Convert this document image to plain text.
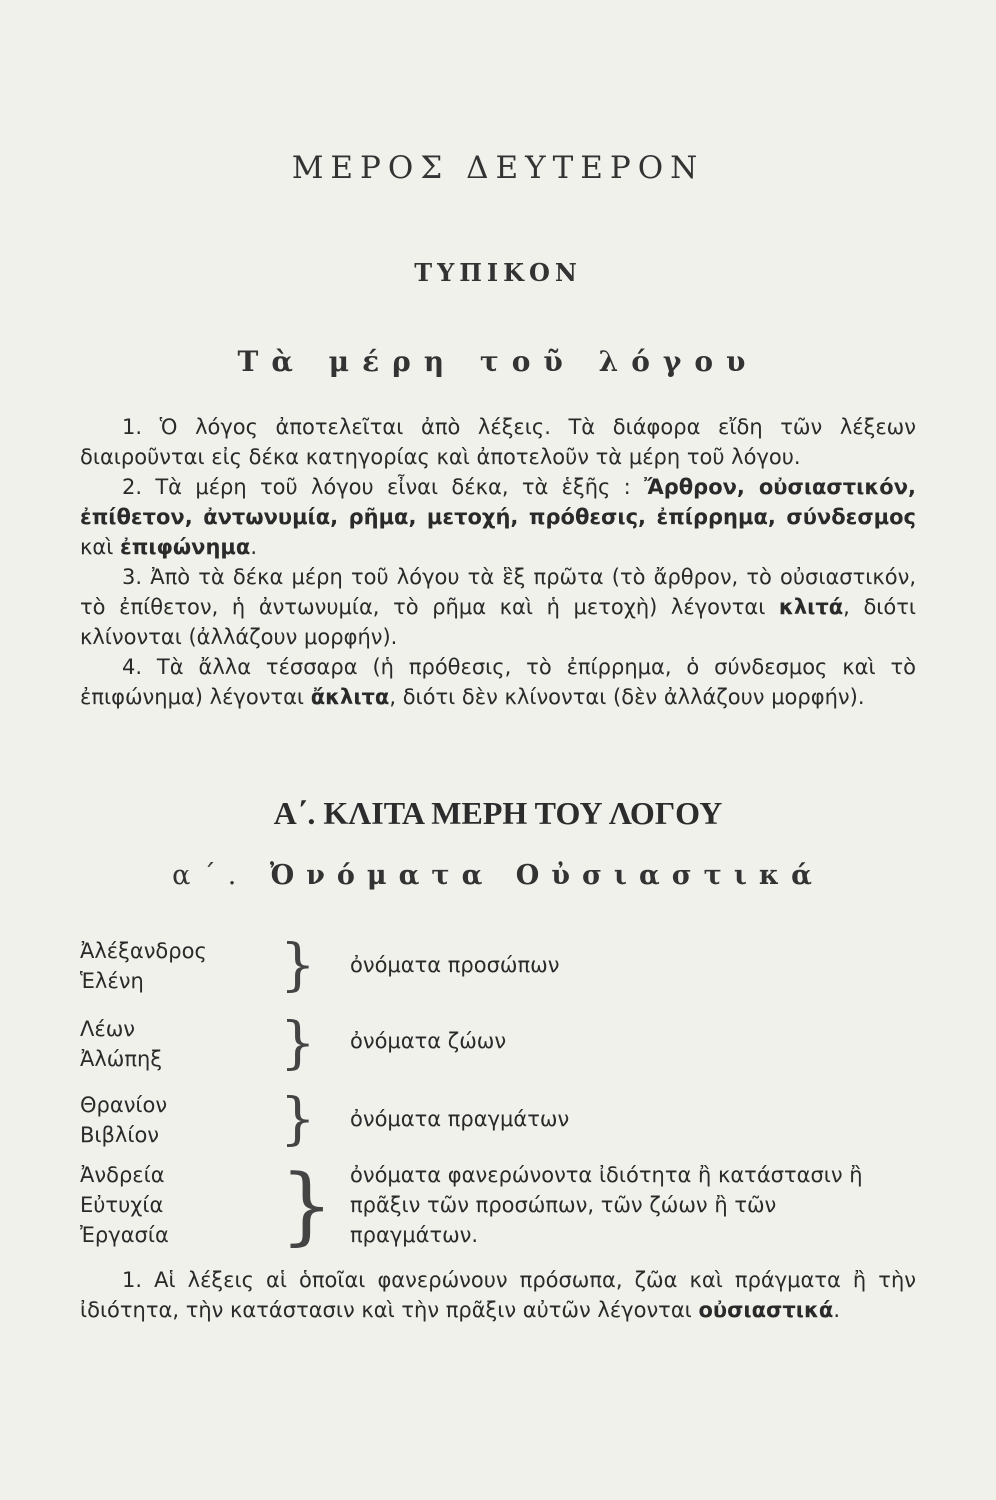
ΜΕΡΟΣ ΔΕΥΤΕΡΟΝ
ΤΥΠΙΚΟΝ
Τὰ μέρη τοῦ λόγου

1. Ὁ λόγος ἀποτελεῖται ἀπὸ λέξεις. Τὰ διάφορα εἴδη τῶν λέξεων διαιροῦνται εἰς δέκα κατηγορίας καὶ ἀποτελοῦν τὰ μέρη τοῦ λόγου.

2. Τὰ μέρη τοῦ λόγου εἶναι δέκα, τὰ ἑξῆς : Ἄρθρον, οὐσιαστικόν, ἐπίθετον, ἀντωνυμία, ρῆμα, μετοχή, πρόθεσις, ἐπίρρημα, σύνδεσμος καὶ ἐπιφώνημα.

3. Ἀπὸ τὰ δέκα μέρη τοῦ λόγου τὰ ἓξ πρῶτα (τὸ ἄρθρον, τὸ οὐσιαστικόν, τὸ ἐπίθετον, ἡ ἀντωνυμία, τὸ ρῆμα καὶ ἡ μετοχὴ) λέγονται κλιτά, διότι κλίνονται (ἀλλάζουν μορφήν).

4. Τὰ ἄλλα τέσσαρα (ἡ πρόθεσις, τὸ ἐπίρρημα, ὁ σύνδεσμος καὶ τὸ ἐπιφώνημα) λέγονται ἄκλιτα, διότι δὲν κλίνονται (δὲν ἀλλάζουν μορφήν).

Α΄. ΚΛΙΤΑ ΜΕΡΗ ΤΟΥ ΛΟΓΟΥ
α΄. Ὀνόματα Οὐσιαστικά
Ἀλέξανδρος
Ἑλένη	} ὀνόματα προσώπων
Λέων
Ἀλώπηξ	} ὀνόματα ζώων
Θρανίον
Βιβλίον	} ὀνόματα πραγμάτων
Ἀνδρεία
Εὐτυχία
Ἐργασία	} ὀνόματα φανερώνοντα ἰδιότητα ἢ κατάστασιν ἢ πρᾶξιν τῶν προσώπων, τῶν ζώων ἢ τῶν πραγμάτων.

1. Αἱ λέξεις αἱ ὁποῖαι φανερώνουν πρόσωπα, ζῶα καὶ πράγματα ἢ τὴν ἰδιότητα, τὴν κατάστασιν καὶ τὴν πρᾶξιν αὐτῶν λέγονται οὐσιαστικά.
